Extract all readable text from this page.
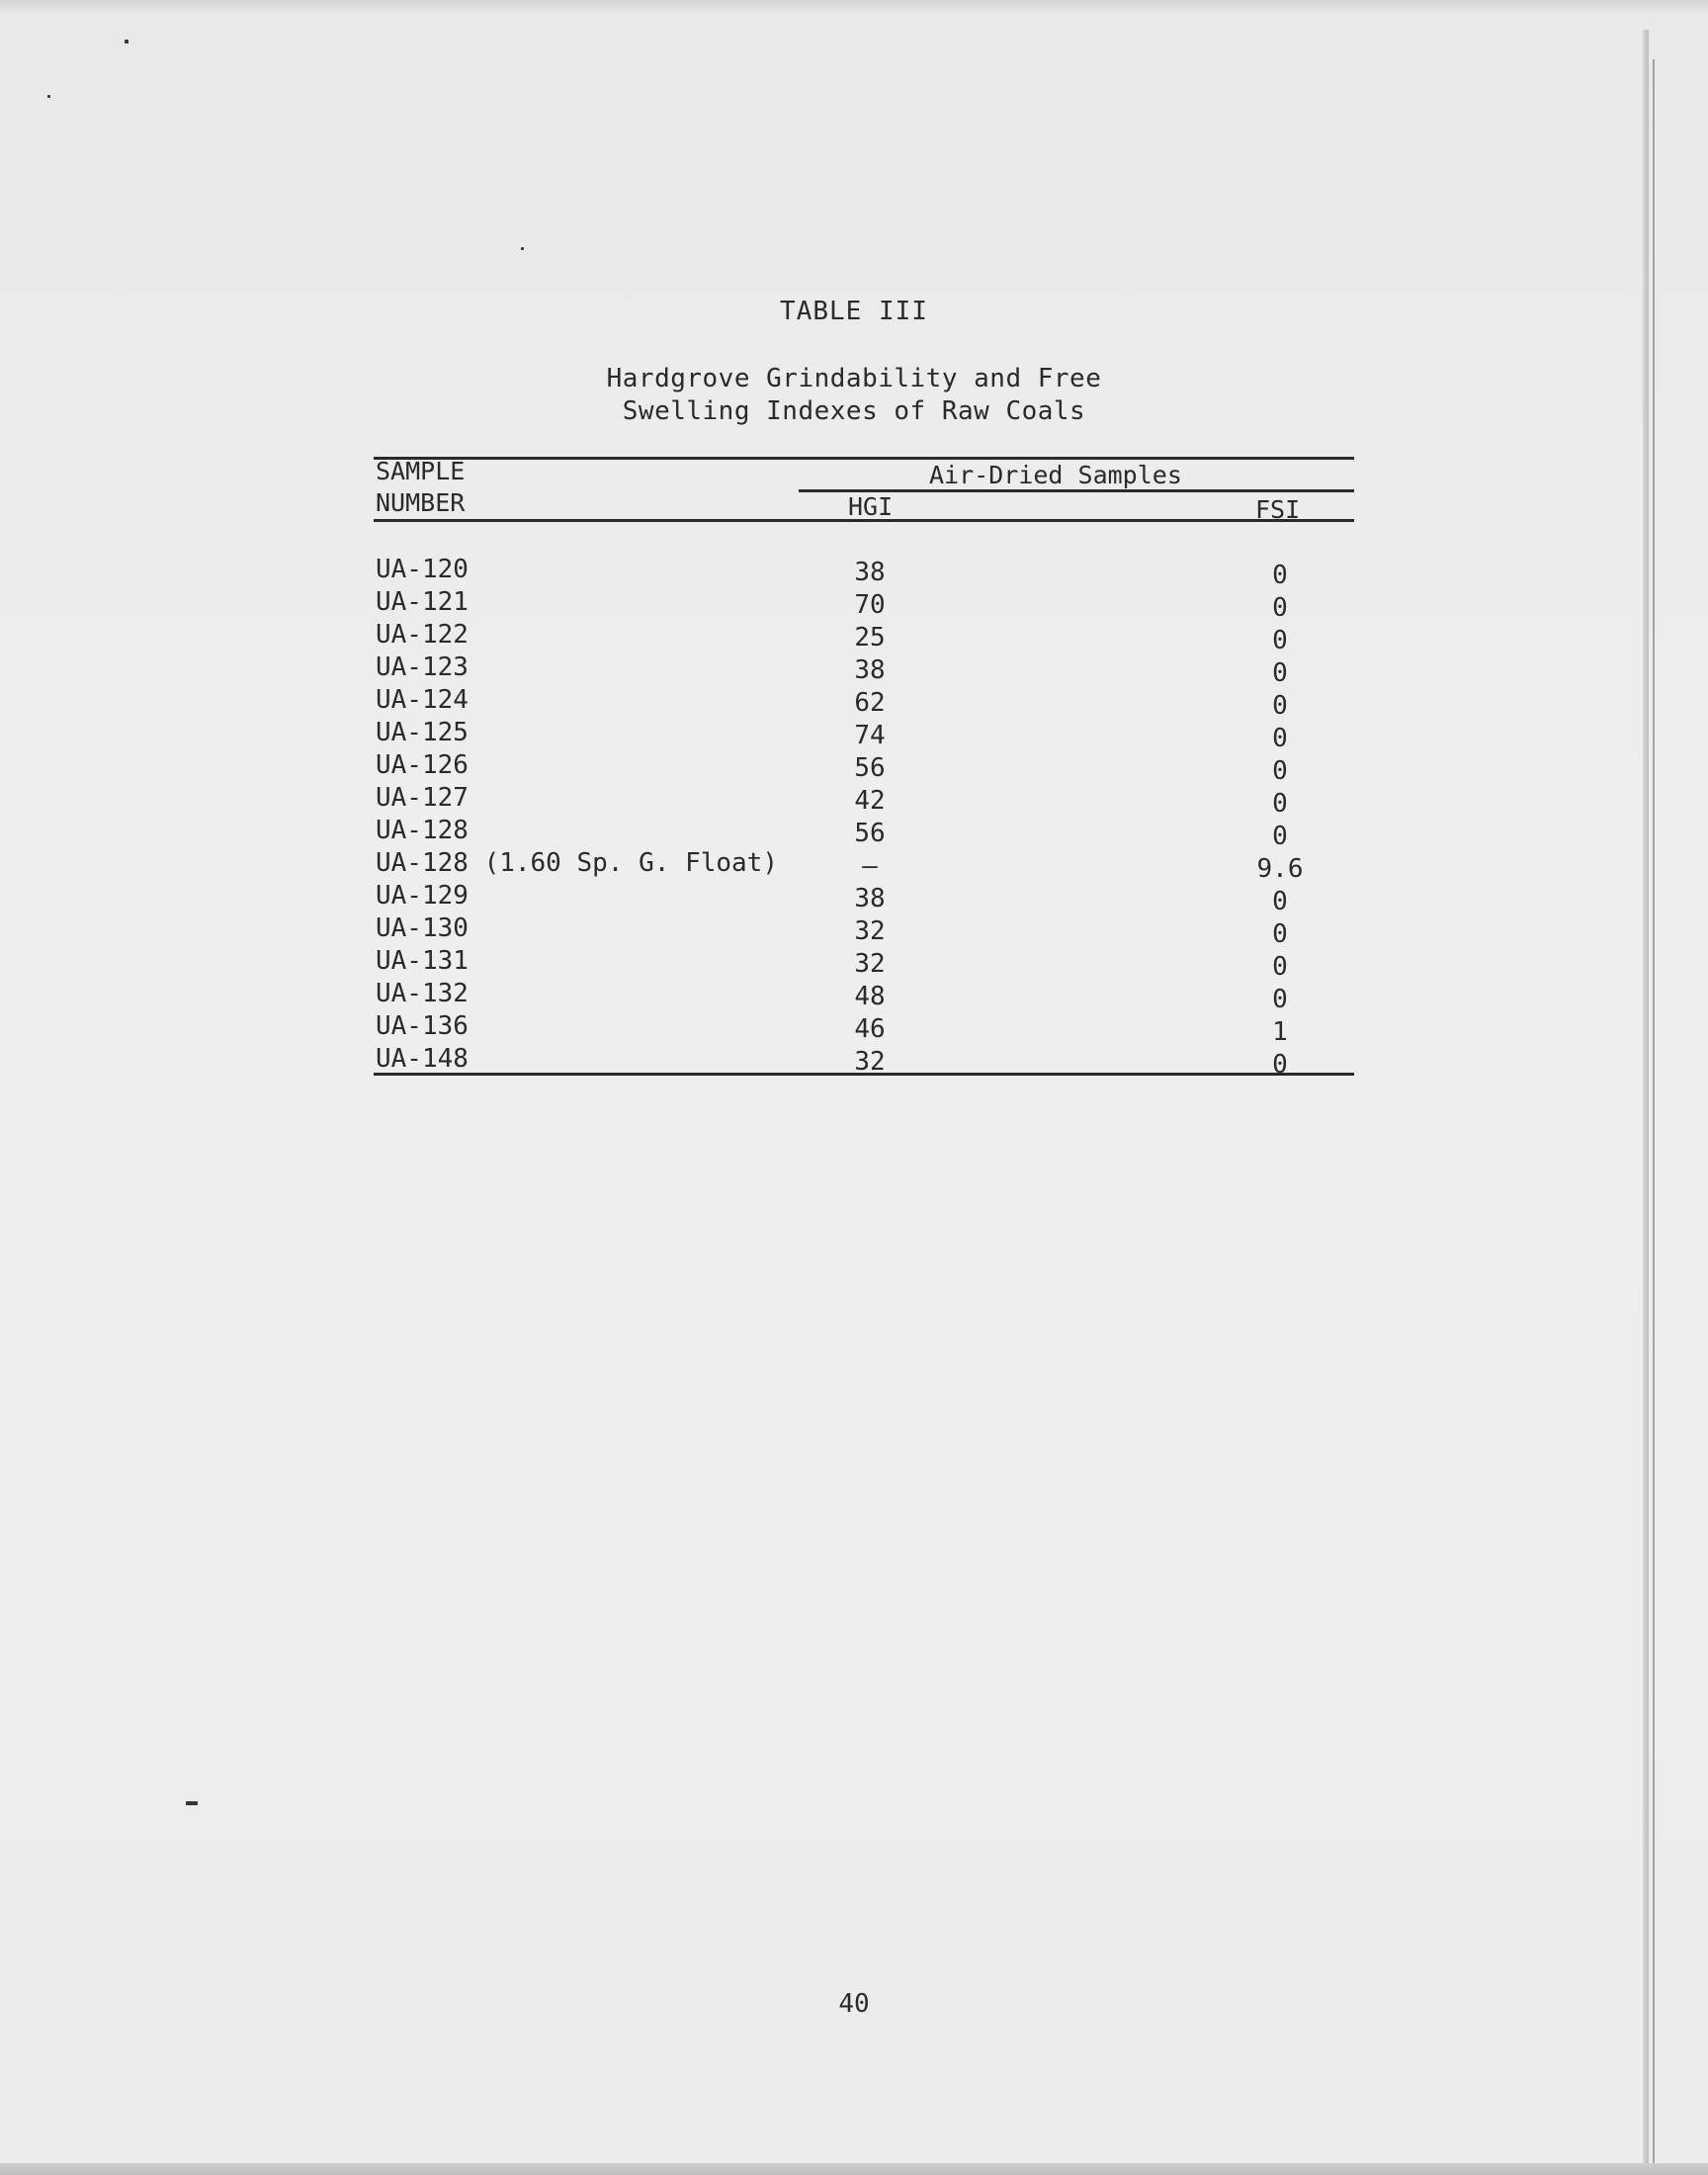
TABLE III
Hardgrove Grindability and Free
Swelling Indexes of Raw Coals
SAMPLE
NUMBER
Air-Dried Samples
HGI	FSI
UA-120	38	0
UA-121	70	0
UA-122	25	0
UA-123	38	0
UA-124	62	0
UA-125	74	0
UA-126	56	0
UA-127	42	0
UA-128	56	0
UA-128 (1.60 Sp. G. Float)	—	9.6
UA-129	38	0
UA-130	32	0
UA-131	32	0
UA-132	48	0
UA-136	46	1
UA-148	32	0
40
